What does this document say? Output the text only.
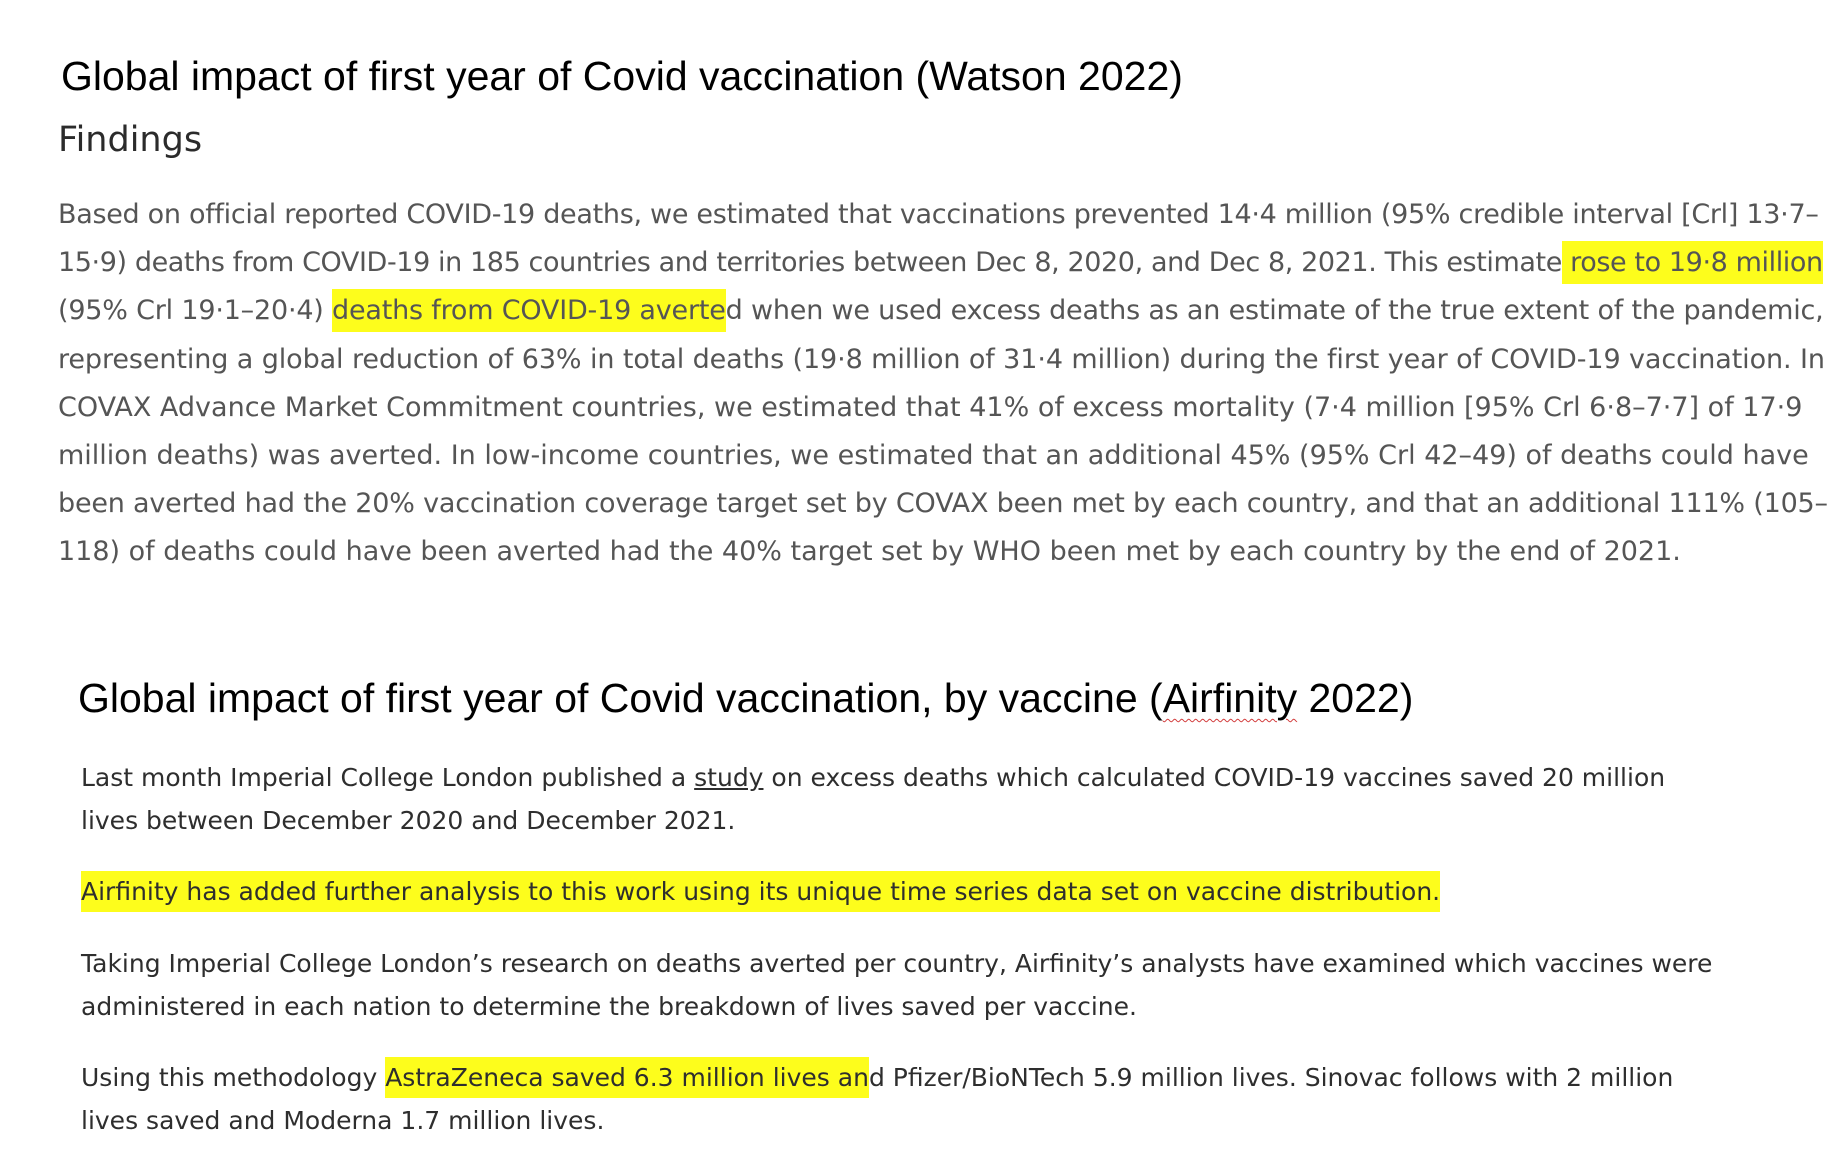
Global impact of first year of Covid vaccination (Watson 2022)
Findings

Based on official reported COVID-19 deaths, we estimated that vaccinations prevented 14·4 million (95% credible interval [Crl] 13·7–
15·9) deaths from COVID-19 in 185 countries and territories between Dec 8, 2020, and Dec 8, 2021. This estimate rose to 19·8 million
(95% Crl 19·1–20·4) deaths from COVID-19 averted when we used excess deaths as an estimate of the true extent of the pandemic,
representing a global reduction of 63% in total deaths (19·8 million of 31·4 million) during the first year of COVID-19 vaccination. In
COVAX Advance Market Commitment countries, we estimated that 41% of excess mortality (7·4 million [95% Crl 6·8–7·7] of 17·9
million deaths) was averted. In low-income countries, we estimated that an additional 45% (95% Crl 42–49) of deaths could have
been averted had the 20% vaccination coverage target set by COVAX been met by each country, and that an additional 111% (105–
118) of deaths could have been averted had the 40% target set by WHO been met by each country by the end of 2021.

Global impact of first year of Covid vaccination, by vaccine (Airfinity 2022)

Last month Imperial College London published a study on excess deaths which calculated COVID-19 vaccines saved 20 million
lives between December 2020 and December 2021.

Airfinity has added further analysis to this work using its unique time series data set on vaccine distribution.

Taking Imperial College London’s research on deaths averted per country, Airfinity’s analysts have examined which vaccines were
administered in each nation to determine the breakdown of lives saved per vaccine.

Using this methodology AstraZeneca saved 6.3 million lives and Pfizer/BioNTech 5.9 million lives. Sinovac follows with 2 million
lives saved and Moderna 1.7 million lives.
